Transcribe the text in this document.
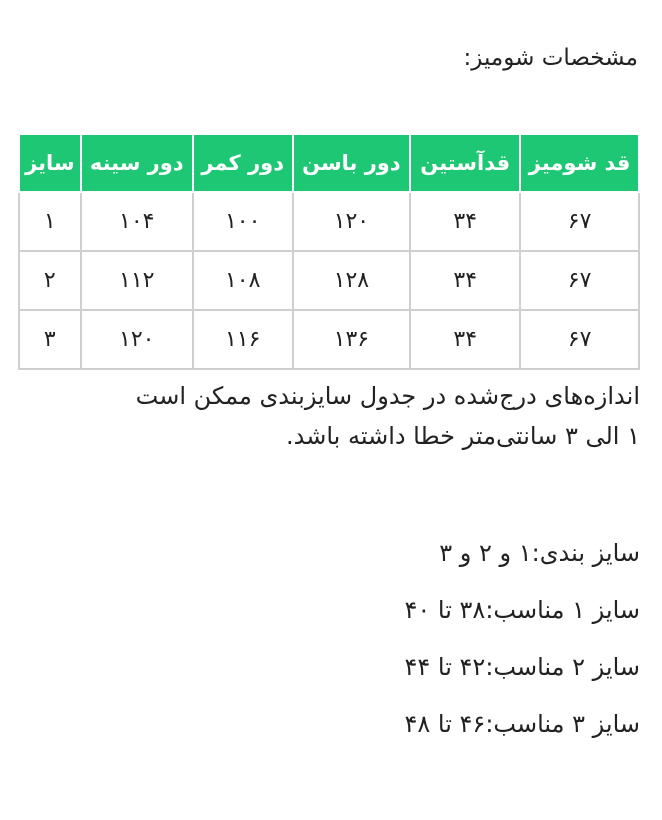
مشخصات شومیز:
قد شومیز	قدآستین	دور باسن	دور کمر	دور سینه	سایز
۶۷	۳۴	۱۲۰	۱۰۰	۱۰۴	۱
۶۷	۳۴	۱۲۸	۱۰۸	۱۱۲	۲
۶۷	۳۴	۱۳۶	۱۱۶	۱۲۰	۳

اندازه‌های درج‌شده در جدول سایزبندی ممکن است
۱ الی ۳ سانتی‌متر خطا داشته باشد.

سایز بندی:۱ و ۲ و ۳

سایز ۱ مناسب:۳۸ تا ۴۰

سایز ۲ مناسب:۴۲ تا ۴۴

سایز ۳ مناسب:۴۶ تا ۴۸
